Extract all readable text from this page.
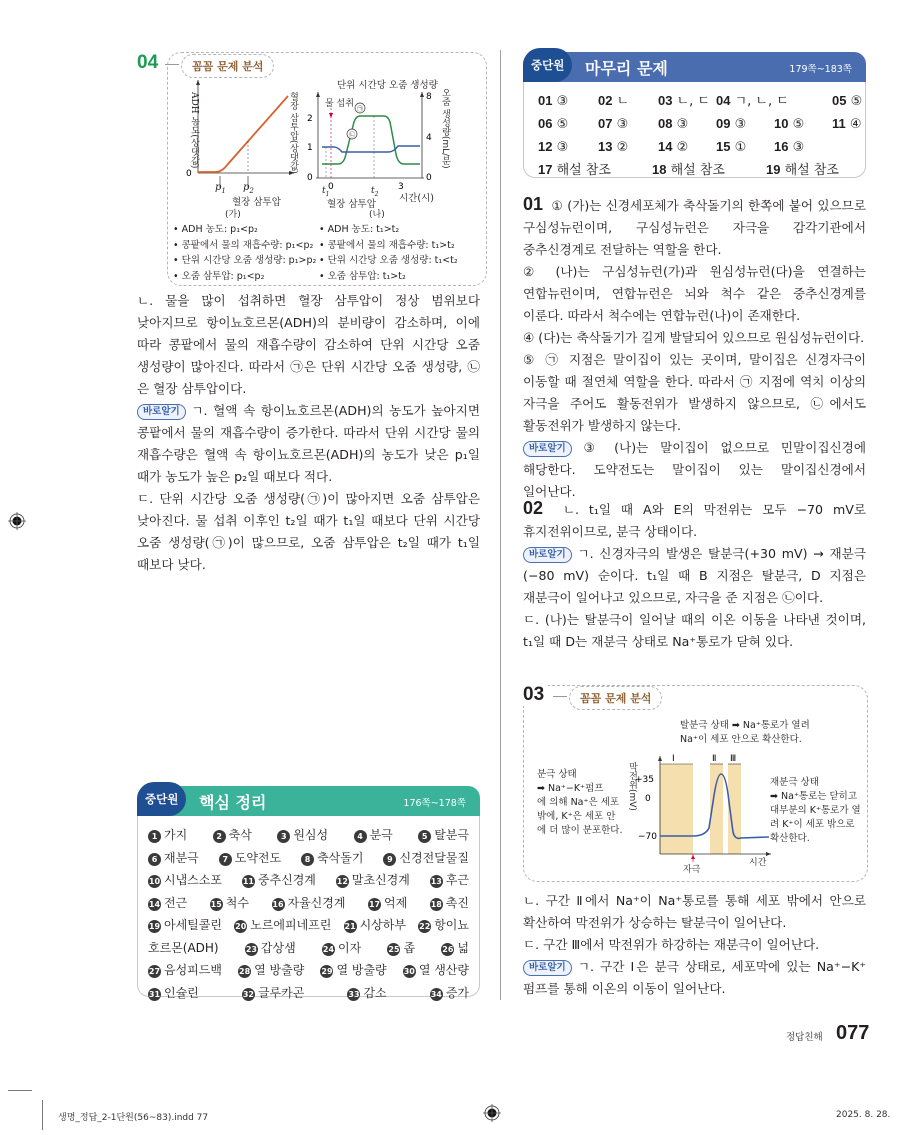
04	꼼꼼 문제 분석
0
ADH 농도(상댓값)
$p_1$ $p_2$
혈장 삼투압
(가)
단위 시간당 오줌 생성량
2
1
0
8
4
0
0	3
㉠
㉡
물 섭취
혈장 삼투압(상댓값)	오줌 생성량(mL/분)
$t_1$	$t_2$
혈장 삼투압
시간(시)
(나)
• ADH 농도: p₁<p₂
• 콩팥에서 물의 재흡수량: p₁<p₂
• 단위 시간당 오줌 생성량: p₁>p₂
• 오줌 삼투압: p₁<p₂
• ADH 농도: t₁>t₂
• 콩팥에서 물의 재흡수량: t₁>t₂
• 단위 시간당 오줌 생성량: t₁<t₂
• 오줌 삼투압: t₁>t₂

ㄴ. 물을 많이 섭취하면 혈장 삼투압이 정상 범위보다 낮아지므로 항이뇨호르몬(ADH)의 분비량이 감소하며, 이에 따라 콩팥에서 물의 재흡수량이 감소하여 단위 시간당 오줌 생성량이 많아진다. 따라서 ㉠은 단위 시간당 오줌 생성량, ㉡은 혈장 삼투압이다.

바로알기 ㄱ. 혈액 속 항이뇨호르몬(ADH)의 농도가 높아지면 콩팥에서 물의 재흡수량이 증가한다. 따라서 단위 시간당 물의 재흡수량은 혈액 속 항이뇨호르몬(ADH)의 농도가 낮은 p₁일 때가 농도가 높은 p₂일 때보다 적다.

ㄷ. 단위 시간당 오줌 생성량(㉠)이 많아지면 오줌 삼투압은 낮아진다. 물 섭취 이후인 t₂일 때가 t₁일 때보다 단위 시간당 오줌 생성량(㉠)이 많으므로, 오줌 삼투압은 t₂일 때가 t₁일 때보다 낮다.

중단원	핵심 정리	176쪽~178쪽
1 가지	2 축삭	3 원심성	4 분극	5 탈분극
6 재분극	7 도약전도	8 축삭돌기	9 신경전달물질
10 시냅스소포	11 중추신경계	12 말초신경계	13 후근
14 전근	15 척수	16 자율신경계	17 억제	18 촉진
19 아세틸콜린 20 노르에피네프린 21 시상하부 22 항이뇨
호르몬(ADH)	23 갑상샘	24 이자	25 좁	26 넓
27 음성피드백 28 열 방출량 29 열 방출량 30 열 생산량
31 인슐린	32 글루카곤	33 감소	34 증가
중단원	마무리 문제	179쪽~183쪽
01 ③	02 ㄴ	03 ㄴ, ㄷ 04 ㄱ, ㄴ, ㄷ	05 ⑤
06 ⑤	07 ③	08 ③	09 ③	10 ⑤	11 ④
12 ③	13 ②	14 ②	15 ①	16 ③
17 해설 참조	18 해설 참조	19 해설 참조

01 ① (가)는 신경세포체가 축삭돌기의 한쪽에 붙어 있으므로 구심성뉴런이며, 구심성뉴런은 자극을 감각기관에서 중추신경계로 전달하는 역할을 한다.

② (나)는 구심성뉴런(가)과 원심성뉴런(다)을 연결하는 연합뉴런이며, 연합뉴런은 뇌와 척수 같은 중추신경계를 이룬다. 따라서 척수에는 연합뉴런(나)이 존재한다.

④ (다)는 축삭돌기가 길게 발달되어 있으므로 원심성뉴런이다.

⑤ ㉠ 지점은 말이집이 있는 곳이며, 말이집은 신경자극이 이동할 때 절연체 역할을 한다. 따라서 ㉠ 지점에 역치 이상의 자극을 주어도 활동전위가 발생하지 않으므로, ㉡에서도 활동전위가 발생하지 않는다.

바로알기 ③ (나)는 말이집이 없으므로 민말이집신경에 해당한다. 도약전도는 말이집이 있는 말이집신경에서 일어난다.

02 ㄴ. t₁일 때 A와 E의 막전위는 모두 −70 mV로 휴지전위이므로, 분극 상태이다.

바로알기 ㄱ. 신경자극의 발생은 탈분극(+30 mV) → 재분극(−80 mV) 순이다. t₁일 때 B 지점은 탈분극, D 지점은 재분극이 일어나고 있으므로, 자극을 준 지점은 ㉡이다.

ㄷ. (나)는 탈분극이 일어날 때의 이온 이동을 나타낸 것이며, t₁일 때 D는 재분극 상태로 Na⁺통로가 닫혀 있다.

03	꼼꼼 문제 분석
탈분극 상태 ➡ Na⁺통로가 열려
Na⁺이 세포 안으로 확산한다.
분극 상태
➡ Na⁺−K⁺펌프
에 의해 Na⁺은 세포
밖에, K⁺은 세포 안
에 더 많이 분포한다.
재분극 상태
➡ Na⁺통로는 닫히고
대부분의 K⁺통로가 열
려 K⁺이 세포 밖으로
확산한다.
막전위(mV)
Ⅰ	Ⅱ Ⅲ
+35
0
−70
자극
시간

ㄴ. 구간 Ⅱ에서 Na⁺이 Na⁺통로를 통해 세포 밖에서 안으로 확산하여 막전위가 상승하는 탈분극이 일어난다.

ㄷ. 구간 Ⅲ에서 막전위가 하강하는 재분극이 일어난다.

바로알기 ㄱ. 구간 Ⅰ은 분극 상태로, 세포막에 있는 Na⁺−K⁺펌프를 통해 이온의 이동이 일어난다.

정답친해 077
생명_정답_2-1단원(56~83).indd 77	2025. 8. 28.
